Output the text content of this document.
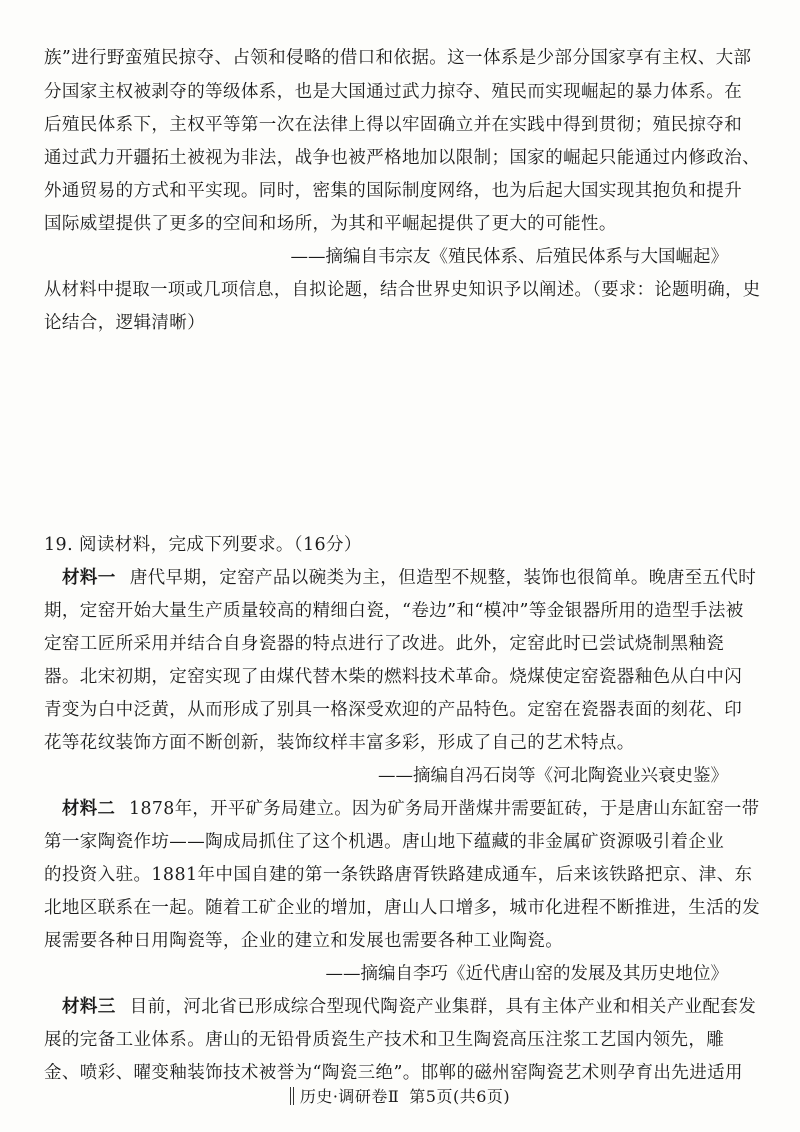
族”进行野蛮殖民掠夺、占领和侵略的借口和依据。这一体系是少部分国家享有主权、大部
分国家主权被剥夺的等级体系，也是大国通过武力掠夺、殖民而实现崛起的暴力体系。在
后殖民体系下，主权平等第一次在法律上得以牢固确立并在实践中得到贯彻；殖民掠夺和
通过武力开疆拓土被视为非法，战争也被严格地加以限制；国家的崛起只能通过内修政治、
外通贸易的方式和平实现。同时，密集的国际制度网络，也为后起大国实现其抱负和提升
国际威望提供了更多的空间和场所，为其和平崛起提供了更大的可能性。
——摘编自韦宗友《殖民体系、后殖民体系与大国崛起》
从材料中提取一项或几项信息，自拟论题，结合世界史知识予以阐述。（要求：论题明确，史
论结合，逻辑清晰）
19. 阅读材料，完成下列要求。（16分）
材料一 唐代早期，定窑产品以碗类为主，但造型不规整，装饰也很简单。晚唐至五代时
期，定窑开始大量生产质量较高的精细白瓷，“卷边”和“模冲”等金银器所用的造型手法被
定窑工匠所采用并结合自身瓷器的特点进行了改进。此外，定窑此时已尝试烧制黑釉瓷
器。北宋初期，定窑实现了由煤代替木柴的燃料技术革命。烧煤使定窑瓷器釉色从白中闪
青变为白中泛黄，从而形成了别具一格深受欢迎的产品特色。定窑在瓷器表面的刻花、印
花等花纹装饰方面不断创新，装饰纹样丰富多彩，形成了自己的艺术特点。
——摘编自冯石岗等《河北陶瓷业兴衰史鉴》
材料二 1878年，开平矿务局建立。因为矿务局开凿煤井需要缸砖，于是唐山东缸窑一带
第一家陶瓷作坊——陶成局抓住了这个机遇。唐山地下蕴藏的非金属矿资源吸引着企业
的投资入驻。1881年中国自建的第一条铁路唐胥铁路建成通车，后来该铁路把京、津、东
北地区联系在一起。随着工矿企业的增加，唐山人口增多，城市化进程不断推进，生活的发
展需要各种日用陶瓷等，企业的建立和发展也需要各种工业陶瓷。
——摘编自李巧《近代唐山窑的发展及其历史地位》
材料三 目前，河北省已形成综合型现代陶瓷产业集群，具有主体产业和相关产业配套发
展的完备工业体系。唐山的无铅骨质瓷生产技术和卫生陶瓷高压注浆工艺国内领先，雕
金、喷彩、曜变釉装饰技术被誉为“陶瓷三绝”。邯郸的磁州窑陶瓷艺术则孕育出先进适用
历史·调研卷Ⅱ 第5页(共6页)
